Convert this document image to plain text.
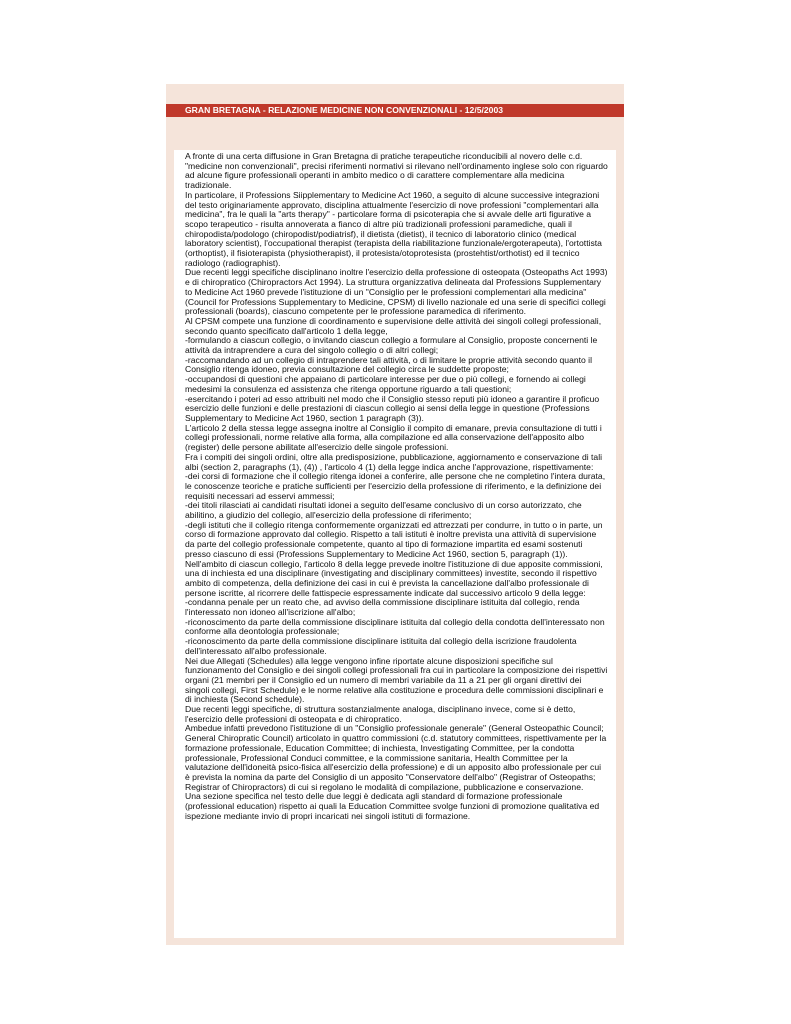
GRAN BRETAGNA - RELAZIONE MEDICINE NON CONVENZIONALI - 12/5/2003

A fronte di una certa diffusione in Gran Bretagna di pratiche terapeutiche riconducibili al novero delle c.d. "medicine non convenzionali", precisi riferimenti normativi si rilevano nell'ordinamento inglese solo con riguardo ad alcune figure professionali operanti in ambito medico o di carattere complementare alla medicina tradizionale.

In particolare, il Professions Siipplementary to Medicine Act 1960, a seguito di alcune successive integrazioni del testo originariamente approvato, disciplina attualmente l'esercizio di nove professioni "complementari alla medicina", fra le quali la "arts therapy" - particolare forma di psicoterapia che si avvale delle arti figurative a scopo terapeutico - risulta annoverata a fianco di altre più tradizionali professioni paramediche, quali il chiropodista/podologo (chiropodist/podiatrisf), il dietista (dietist), il tecnico di laboratorio clinico (medical laboratory scientist), l'occupational therapist (terapista della riabilitazione funzionale/ergoterapeuta), l'ortottista (orthoptist), il fisioterapista (physiotherapist), il protesista/otoprotesista (prostehtist/orthotist) ed il tecnico radiologo (radiographist).

Due recenti leggi specifiche disciplinano inoltre l'esercizio della professione di osteopata (Osteopaths Act 1993) e di chiropratico (Chiropractors Act 1994). La struttura organizzativa delineata dal Professions Supplementary to Medicine Act 1960 prevede l'istituzione di un "Consiglio per le professioni complementari alla medicina" (Council for Professions Supplementary to Medicine, CPSM) di livello nazionale ed una serie di specifici collegi professionali (boards), ciascuno competente per le professione paramedica di riferimento.

Al CPSM compete una funzione di coordinamento e supervisione delle attività dei singoli collegi professionali, secondo quanto specificato dall'articolo 1 della legge,

-formulando a ciascun collegio, o invitando ciascun collegio a formulare al Consiglio, proposte concernenti le attività da intraprendere a cura del singolo collegio o di altri collegi;

-raccomandando ad un collegio di intraprendere tali attività, o di limitare le proprie attività secondo quanto il Consiglio ritenga idoneo, previa consultazione del collegio circa le suddette proposte;

-occupandosi di questioni che appaiano di particolare interesse per due o più collegi, e fornendo ai collegi medesimi la consulenza ed assistenza che ritenga opportune riguardo a tali questioni;

-esercitando i poteri ad esso attribuiti nel modo che il Consiglio stesso reputi più idoneo a garantire il proficuo esercizio delle funzioni e delle prestazioni di ciascun collegio ai sensi della legge in questione (Professions Supplementary to Medicine Act 1960, section 1 paragraph (3)).

L'articolo 2 della stessa legge assegna inoltre al Consiglio il compito di emanare, previa consultazione di tutti i collegi professionali, norme relative alla forma, alla compilazione ed alla conservazione dell'apposito albo (register) delle persone abilitate all'esercizio delle singole professioni.

Fra i compiti dei singoli ordini, oltre alla predisposizione, pubblicazione, aggiornamento e conservazione di tali albi (section 2, paragraphs (1), (4)) , l'articolo 4 (1) della legge indica anche l'approvazione, rispettivamente:

-dei corsi di formazione che il collegio ritenga idonei a conferire, alle persone che ne completino l'intera durata, le conoscenze teoriche e pratiche sufficienti per l'esercizio della professione di riferimento, e la definizione dei requisiti necessari ad esservi ammessi;

-dei titoli rilasciati ai candidati risultati idonei a seguito dell'esame conclusivo di un corso autorizzato, che abilitino, a giudizio del collegio, all'esercizio della professione di riferimento;

-degli istituti che il collegio ritenga conformemente organizzati ed attrezzati per condurre, in tutto o in parte, un corso di formazione approvato dal collegio. Rispetto a tali istituti è inoltre prevista una attività di supervisione da parte del collegio professionale competente, quanto al tipo di formazione impartita ed esami sostenuti presso ciascuno di essi (Professions Supplementary to Medicine Act 1960, section 5, paragraph (1)).

Nell'ambito di ciascun collegio, l'articolo 8 della legge prevede inoltre l'istituzione di due apposite commissioni, una di inchiesta ed una disciplinare (investigating and disciplinary committees) investite, secondo il rispettivo ambito di competenza, della definizione dei casi in cui è prevista la cancellazione dall'albo professionale di persone iscritte, al ricorrere delle fattispecie espressamente indicate dal successivo articolo 9 della legge:

-condanna penale per un reato che, ad avviso della commissione disciplinare istituita dal collegio, renda l'interessato non idoneo all'iscrizione all'albo;

-riconoscimento da parte della commissione disciplinare istituita dal collegio della condotta dell'interessato non conforme alla deontologia professionale;

-riconoscimento da parte della commissione disciplinare istituita dal collegio della iscrizione fraudolenta dell'interessato all'albo professionale.

Nei due Allegati (Schedules) alla legge vengono infine riportate alcune disposizioni specifiche sul funzionamento del Consiglio e dei singoli collegi professionali fra cui in particolare la composizione dei rispettivi organi (21 membri per il Consiglio ed un numero di membri variabile da 11 a 21 per gli organi direttivi dei singoli collegi, First Schedule) e le norme relative alla costituzione e procedura delle commissioni disciplinari e di inchiesta (Second schedule).

Due recenti leggi specifiche, di struttura sostanzialmente analoga, disciplinano invece, come si è detto, l'esercizio delle professioni di osteopata e di chiropratico.

Ambedue infatti prevedono l'istituzione di un "Consiglio professionale generale" (General Osteopathic Council; General Chiropratic Council) articolato in quattro commissioni (c.d. statutory committees, rispettivamente per la formazione professionale, Education Committee; di inchiesta, Investigating Committee, per la condotta professionale, Professional Conduci committee, e la commissione sanitaria, Health Committee per la valutazione dell'idoneità psico-fisica all'esercizio della professione) e di un apposito albo professionale per cui è prevista la nomina da parte del Consiglio di un apposito "Conservatore dell'albo" (Registrar of Osteopaths; Registrar of Chiropractors) di cui si regolano le modalità di compilazione, pubblicazione e conservazione.

Una sezione specifica nel testo delle due leggi è dedicata agli standard di formazione professionale (professional education) rispetto ai quali la Education Committee svolge funzioni di promozione qualitativa ed ispezione mediante invio di propri incaricati nei singoli istituti di formazione.
